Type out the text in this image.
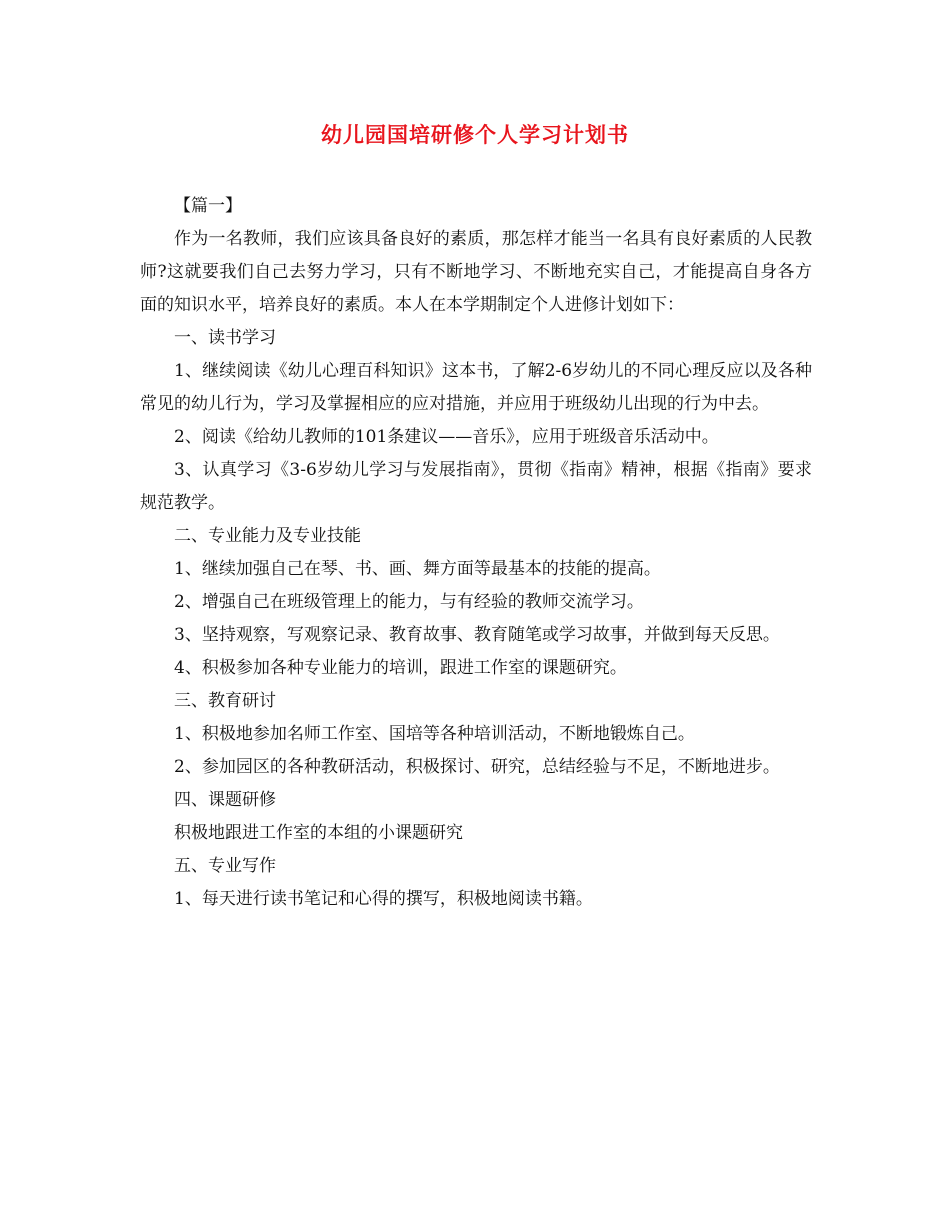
幼儿园国培研修个人学习计划书

【篇一】

作为一名教师，我们应该具备良好的素质，那怎样才能当一名具有良好素质的人民教师?这就要我们自己去努力学习，只有不断地学习、不断地充实自己，才能提高自身各方面的知识水平，培养良好的素质。本人在本学期制定个人进修计划如下：

一、读书学习

1、继续阅读《幼儿心理百科知识》这本书，了解2-6岁幼儿的不同心理反应以及各种常见的幼儿行为，学习及掌握相应的应对措施，并应用于班级幼儿出现的行为中去。

2、阅读《给幼儿教师的101条建议——音乐》，应用于班级音乐活动中。

3、认真学习《3-6岁幼儿学习与发展指南》，贯彻《指南》精神，根据《指南》要求规范教学。

二、专业能力及专业技能

1、继续加强自己在琴、书、画、舞方面等最基本的技能的提高。

2、增强自己在班级管理上的能力，与有经验的教师交流学习。

3、坚持观察，写观察记录、教育故事、教育随笔或学习故事，并做到每天反思。

4、积极参加各种专业能力的培训，跟进工作室的课题研究。

三、教育研讨

1、积极地参加名师工作室、国培等各种培训活动，不断地锻炼自己。

2、参加园区的各种教研活动，积极探讨、研究，总结经验与不足，不断地进步。

四、课题研修

积极地跟进工作室的本组的小课题研究

五、专业写作

1、每天进行读书笔记和心得的撰写，积极地阅读书籍。
